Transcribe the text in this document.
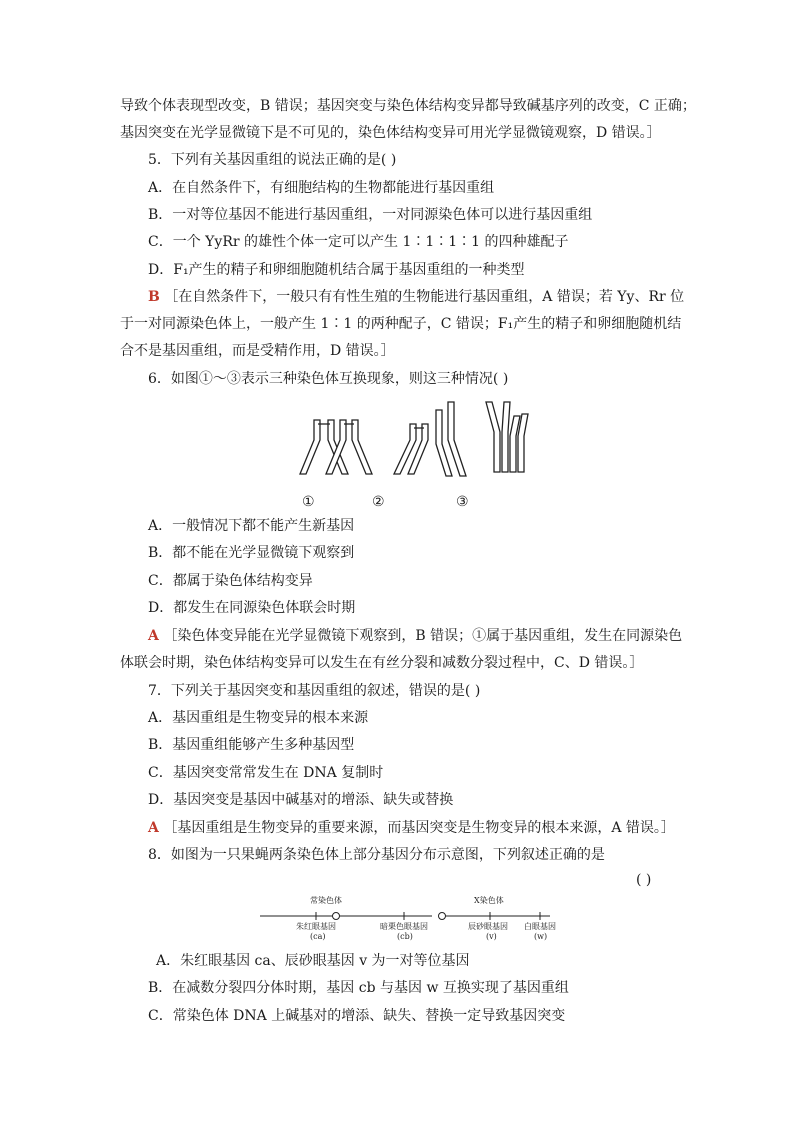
导致个体表现型改变，B 错误；基因突变与染色体结构变异都导致碱基序列的改变，C 正确；
基因突变在光学显微镜下是不可见的，染色体结构变异可用光学显微镜观察，D 错误。］
5．下列有关基因重组的说法正确的是( )
A．在自然条件下，有细胞结构的生物都能进行基因重组
B．一对等位基因不能进行基因重组，一对同源染色体可以进行基因重组
C．一个 YyRr 的雄性个体一定可以产生 1∶1∶1∶1 的四种雄配子
D．F₁产生的精子和卵细胞随机结合属于基因重组的一种类型
B ［在自然条件下，一般只有有性生殖的生物能进行基因重组，A 错误；若 Yy、Rr 位
于一对同源染色体上，一般产生 1∶1 的两种配子，C 错误；F₁产生的精子和卵细胞随机结
合不是基因重组，而是受精作用，D 错误。］
6．如图①～③表示三种染色体互换现象，则这三种情况( )
①	②	③
A．一般情况下都不能产生新基因
B．都不能在光学显微镜下观察到
C．都属于染色体结构变异
D．都发生在同源染色体联会时期
A ［染色体变异能在光学显微镜下观察到，B 错误；①属于基因重组，发生在同源染色
体联会时期，染色体结构变异可以发生在有丝分裂和减数分裂过程中，C、D 错误。］
7．下列关于基因突变和基因重组的叙述，错误的是( )
A．基因重组是生物变异的根本来源
B．基因重组能够产生多种基因型
C．基因突变常常发生在 DNA 复制时
D．基因突变是基因中碱基对的增添、缺失或替换
A ［基因重组是生物变异的重要来源，而基因突变是生物变异的根本来源，A 错误。］
8．如图为一只果蝇两条染色体上部分基因分布示意图，下列叙述正确的是
( )
常染色体	X染色体
朱红眼基因
(ca)
暗栗色眼基因
(cb)
辰砂眼基因
(v)
白眼基因
(w)
A．朱红眼基因 ca、辰砂眼基因 v 为一对等位基因
B．在减数分裂四分体时期，基因 cb 与基因 w 互换实现了基因重组
C．常染色体 DNA 上碱基对的增添、缺失、替换一定导致基因突变
